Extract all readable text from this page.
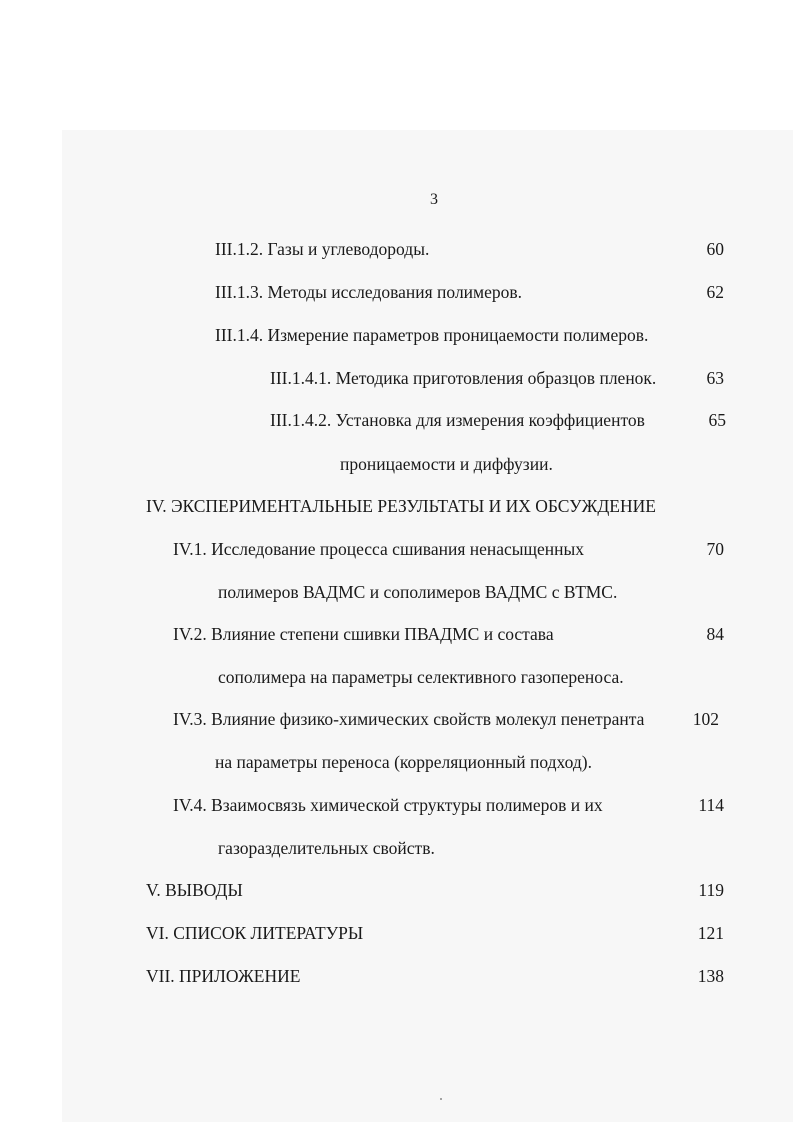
3
III.1.2. Газы и углеводороды.	60
III.1.3. Методы исследования полимеров.	62
III.1.4. Измерение параметров проницаемости полимеров.
III.1.4.1. Методика приготовления образцов пленок.	63
III.1.4.2. Установка для измерения коэффициентов	65
проницаемости и диффузии.
IV. ЭКСПЕРИМЕНТАЛЬНЫЕ РЕЗУЛЬТАТЫ И ИХ ОБСУЖДЕНИЕ
IV.1. Исследование процесса сшивания ненасыщенных	70
полимеров ВАДМС и сополимеров ВАДМС с ВТМС.
IV.2. Влияние степени сшивки ПВАДМС и состава	84
сополимера на параметры селективного газопереноса.
IV.3. Влияние физико-химических свойств молекул пенетранта	102
на параметры переноса (корреляционный подход).
IV.4. Взаимосвязь химической структуры полимеров и их	114
газоразделительных свойств.
V. ВЫВОДЫ	119
VI. СПИСОК ЛИТЕРАТУРЫ	121
VII. ПРИЛОЖЕНИЕ	138
